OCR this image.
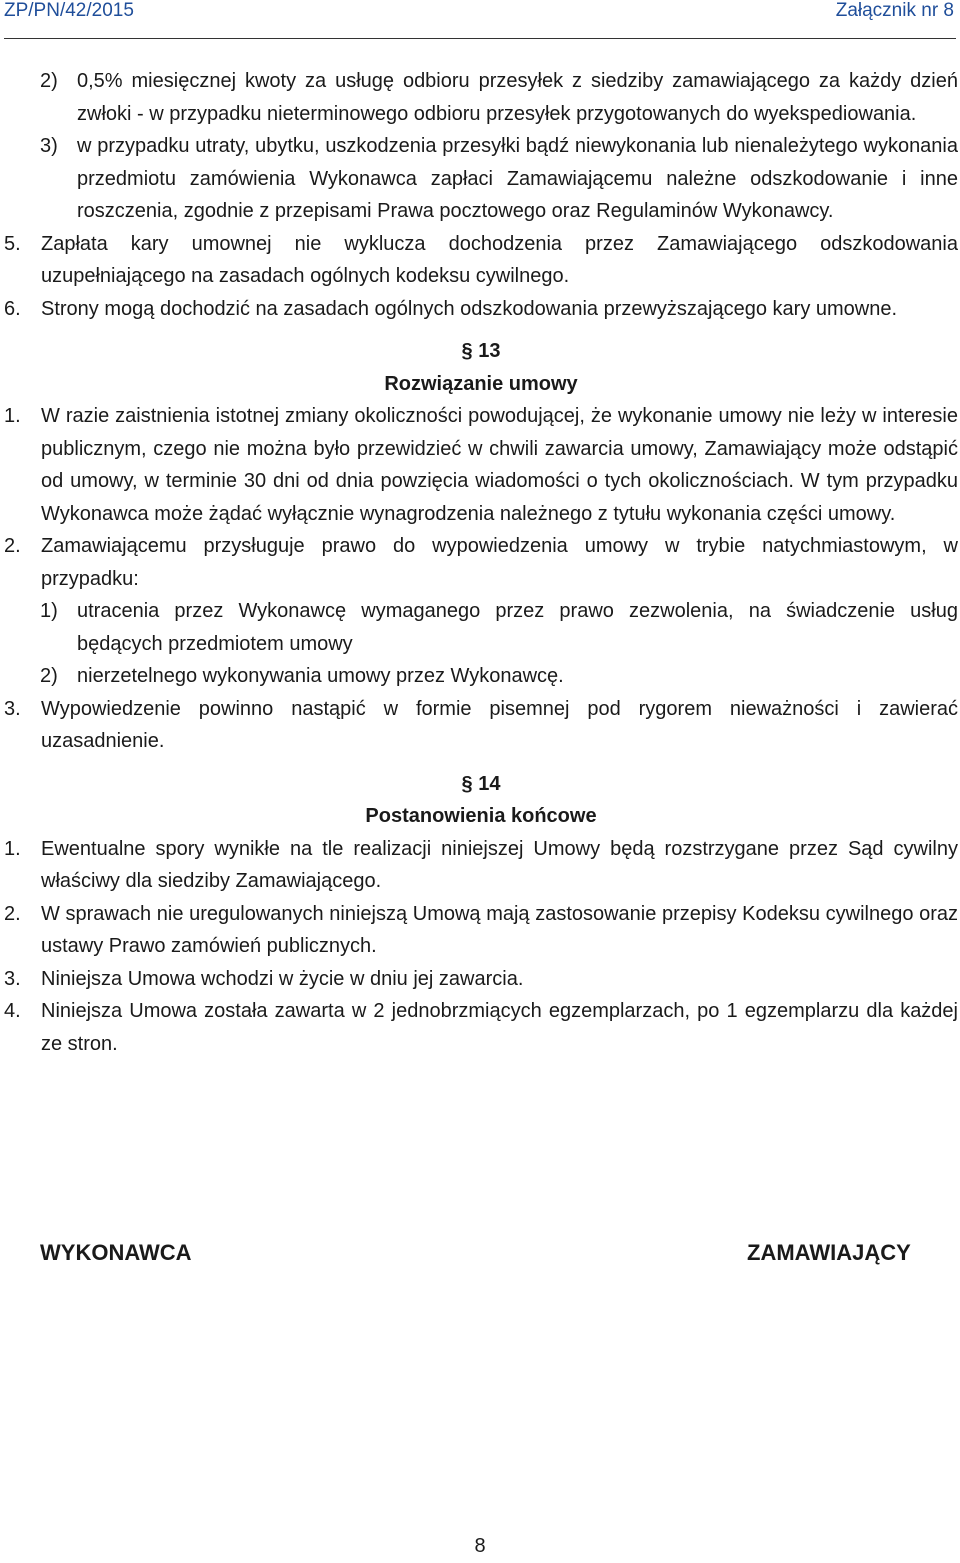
ZP/PN/42/2015	Załącznik nr 8

2) 0,5% miesięcznej kwoty za usługę odbioru przesyłek z siedziby zamawiającego za każdy dzień zwłoki - w przypadku nieterminowego odbioru przesyłek przygotowanych do wyekspediowania.

3) w przypadku utraty, ubytku, uszkodzenia przesyłki bądź niewykonania lub nienależytego wykonania przedmiotu zamówienia Wykonawca zapłaci Zamawiającemu należne odszkodowanie i inne roszczenia, zgodnie z przepisami Prawa pocztowego oraz Regulaminów Wykonawcy.

5. Zapłata kary umownej nie wyklucza dochodzenia przez Zamawiającego odszkodowania uzupełniającego na zasadach ogólnych kodeksu cywilnego.

6. Strony mogą dochodzić na zasadach ogólnych odszkodowania przewyższającego kary umowne.

§ 13

Rozwiązanie umowy

1. W razie zaistnienia istotnej zmiany okoliczności powodującej, że wykonanie umowy nie leży w interesie publicznym, czego nie można było przewidzieć w chwili zawarcia umowy, Zamawiający może odstąpić od umowy, w terminie 30 dni od dnia powzięcia wiadomości o tych okolicznościach. W tym przypadku Wykonawca może żądać wyłącznie wynagrodzenia należnego z tytułu wykonania części umowy.

2. Zamawiającemu przysługuje prawo do wypowiedzenia umowy w trybie natychmiastowym, w przypadku:

1) utracenia przez Wykonawcę wymaganego przez prawo zezwolenia, na świadczenie usług będących przedmiotem umowy

2) nierzetelnego wykonywania umowy przez Wykonawcę.

3. Wypowiedzenie powinno nastąpić w formie pisemnej pod rygorem nieważności i zawierać uzasadnienie.

§ 14

Postanowienia końcowe

1. Ewentualne spory wynikłe na tle realizacji niniejszej Umowy będą rozstrzygane przez Sąd cywilny właściwy dla siedziby Zamawiającego.

2. W sprawach nie uregulowanych niniejszą Umową mają zastosowanie przepisy Kodeksu cywilnego oraz ustawy Prawo zamówień publicznych.

3. Niniejsza Umowa wchodzi w życie w dniu jej zawarcia.

4. Niniejsza Umowa została zawarta w 2 jednobrzmiących egzemplarzach, po 1 egzemplarzu dla każdej ze stron.

WYKONAWCA	ZAMAWIAJĄCY
8
